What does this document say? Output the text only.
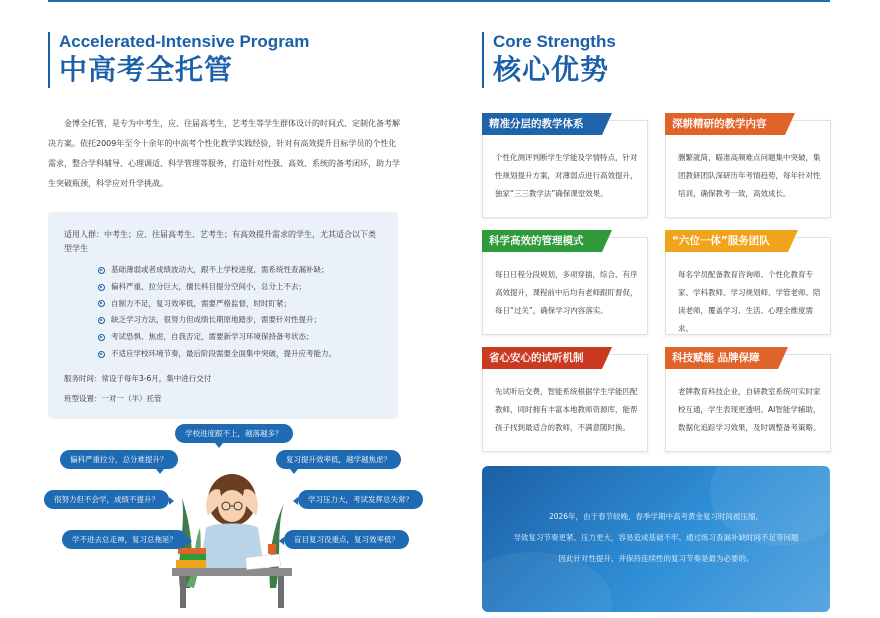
Accelerated-Intensive Program
中高考全托管

金博全托管，是专为中考生，应、往届高考生，艺考生等学生群体设计的时间式、定制化备考解决方案。依托2009年至今十余年的中高考个性化教学实践经验，针对有高效提升目标学员的个性化需求，整合学科辅导、心理调适、科学管理等服务，打造针对性强、高效、系统的备考闭环，助力学生突破瓶颈，科学应对升学挑战。

适用人群：中考生；应、往届高考生、艺考生；有高效提升需求的学生，尤其适合以下类型学生

基础薄弱或者成绩波动大，跟不上学校进度，需系统性查漏补缺；
偏科严重，拉分巨大，擅长科目提分空间小，总分上不去；
自制力不足，复习效率低，需要严格监督，时时盯紧；
缺乏学习方法，很努力但成绩长期原地踏步，需要针对性提升；
考试恐惧、焦虑，自我否定，需要新学习环境保持备考状态；
不适应学校环境节奏，最后阶段需要全面集中突破，提升应考能力。

服务时间：常设于每年3-6月，集中进行交付

班型设置：一对一（半）托管

学校进度跟不上，越落越多？
偏科严重拉分，总分难提升？	复习提升效率低，越学越焦虑？
很努力但不会学，成绩不提升？	学习压力大，考试发挥总失常？
学不进去总走神，复习总拖延？	盲目复习没重点，复习效率低？
Core Strengths
核心优势
精准分层的教学体系
个性化测评判断学生学能及学情特点，针对性规划提升方案，对薄弱点进行高效提升，独家“三三教学法”确保课堂效果。
深耕精研的教学内容
删繁就简，瞄准高频难点问题集中突破，集团教研团队深研历年考情趋势，每年针对性培训，确保教考一致，高效成长。
科学高效的管理模式
每日日程分段规划，多项穿插，综合、有序高效提升，课程前中后均有老师跟盯督促，每日“过关”，确保学习内容落实。
“六位一体”服务团队
每名学员配备教育咨询师、个性化教育专家、学科教师、学习规划师、学管老师、陪读老师，覆盖学习、生活、心理全维度需求。
省心安心的试听机制
先试听后交费，智能系统根据学生学能匹配教师，同时拥有丰富本地教师资源库，能帮孩子找到最适合的教师，不满意随时换。
科技赋能 品牌保障
老牌教育科技企业，自研教室系统可实时家校互通，学生表现更透明。AI智能学辅助，数据化追踪学习效果，及时调整备考策略。
2026年，由于春节较晚，春季学期中高考黄金复习时间被压缩，
导致复习节奏更紧、压力更大，容易造成基础不牢、通过练习查漏补缺时间不足等问题
因此针对性提升，并保持连续性的复习节奏是最为必要的。
